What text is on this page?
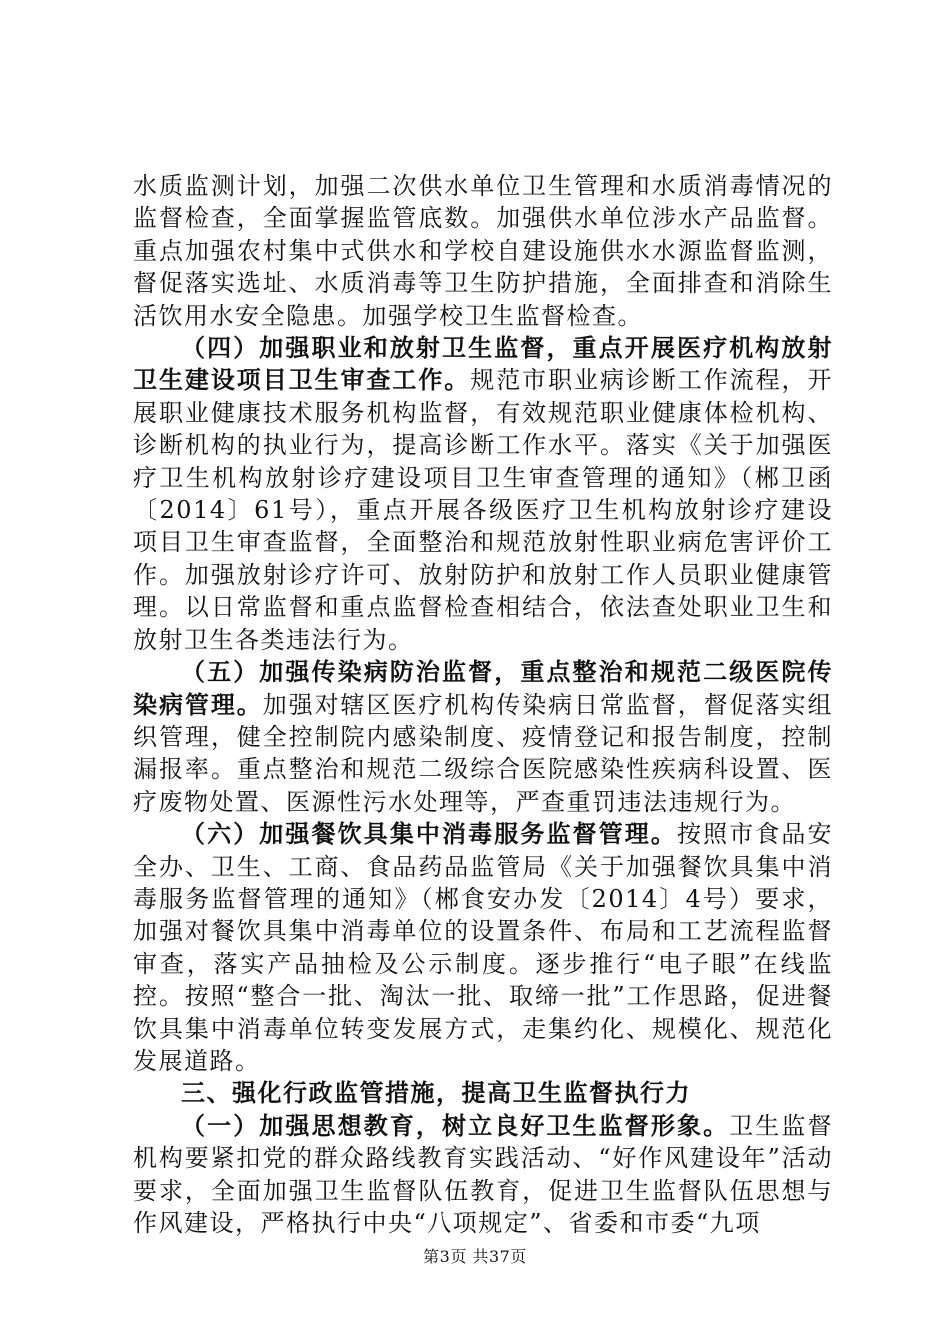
水质监测计划，加强二次供水单位卫生管理和水质消毒情况的监督检查，全面掌握监管底数。加强供水单位涉水产品监督。重点加强农村集中式供水和学校自建设施供水水源监督监测，督促落实选址、水质消毒等卫生防护措施，全面排查和消除生活饮用水安全隐患。加强学校卫生监督检查。

（四）加强职业和放射卫生监督，重点开展医疗机构放射卫生建设项目卫生审查工作。规范市职业病诊断工作流程，开展职业健康技术服务机构监督，有效规范职业健康体检机构、诊断机构的执业行为，提高诊断工作水平。落实《关于加强医疗卫生机构放射诊疗建设项目卫生审查管理的通知》（郴卫函〔2014〕61号），重点开展各级医疗卫生机构放射诊疗建设项目卫生审查监督，全面整治和规范放射性职业病危害评价工作。加强放射诊疗许可、放射防护和放射工作人员职业健康管理。以日常监督和重点监督检查相结合，依法查处职业卫生和放射卫生各类违法行为。

（五）加强传染病防治监督，重点整治和规范二级医院传染病管理。加强对辖区医疗机构传染病日常监督，督促落实组织管理，健全控制院内感染制度、疫情登记和报告制度，控制漏报率。重点整治和规范二级综合医院感染性疾病科设置、医疗废物处置、医源性污水处理等，严查重罚违法违规行为。

（六）加强餐饮具集中消毒服务监督管理。按照市食品安全办、卫生、工商、食品药品监管局《关于加强餐饮具集中消毒服务监督管理的通知》（郴食安办发〔2014〕4号）要求，加强对餐饮具集中消毒单位的设置条件、布局和工艺流程监督审查，落实产品抽检及公示制度。逐步推行“电子眼”在线监控。按照“整合一批、淘汰一批、取缔一批”工作思路，促进餐饮具集中消毒单位转变发展方式，走集约化、规模化、规范化发展道路。

三、强化行政监管措施，提高卫生监督执行力

（一）加强思想教育，树立良好卫生监督形象。卫生监督机构要紧扣党的群众路线教育实践活动、“好作风建设年”活动要求，全面加强卫生监督队伍教育，促进卫生监督队伍思想与作风建设，严格执行中央“八项规定”、省委和市委“九项

第3页 共37页
